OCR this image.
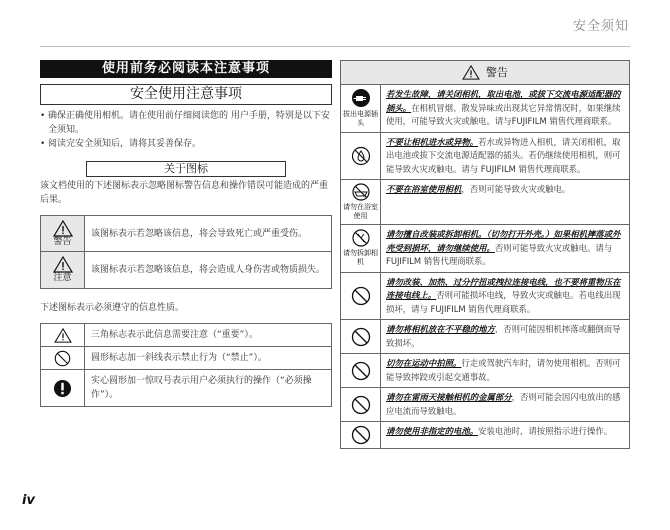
安全须知
使用前务必阅读本注意事项
安全使用注意事项
• 确保正确使用相机。请在使用前仔细阅读您的 用户手册，特别是以下安全须知。
• 阅读完安全须知后，请将其妥善保存。
关于图标
该文档使用的下述图标表示忽略图标警告信息和操作错误可能造成的严重后果。
警告
该图标表示若忽略该信息，将会导致死亡或严重受伤。
注意
该图标表示若忽略该信息，将会造成人身伤害或物质损失。
下述图标表示必须遵守的信息性质。
三角标志表示此信息需要注意（“重要”）。
圆形标志加一斜线表示禁止行为（“禁止”）。
实心圆形加一惊叹号表示用户必须执行的操作（“必须操作”）。
警告
拔出电源插头
若发生故障，请关闭相机，取出电池，或拔下交流电源适配器的插头。在相机冒烟、散发异味或出现其它异常情况时，如果继续使用，可能导致火灾或触电。请与FUJIFILM 销售代理商联系。
不要让相机进水或异物。若水或异物进入相机，请关闭相机，取出电池或拔下交流电源适配器的插头。若仍继续使用相机，则可能导致火灾或触电。请与 FUJIFILM 销售代理商联系。
请勿在浴室使用
不要在浴室使用相机，否则可能导致火灾或触电。
请勿拆卸相机
请勿擅自改装或拆卸相机。（切勿打开外壳。）如果相机摔落或外壳受到损坏，请勿继续使用。否则可能导致火灾或触电。请与 FUJIFILM 销售代理商联系。
请勿改装、加热、过分拧扭或拽拉连接电线，也不要将重物压在连接电线上。否则可能损坏电线，导致火灾或触电。若电线出现损坏，请与 FUJIFILM 销售代理商联系。
请勿将相机放在不平稳的地方，否则可能因相机摔落或翻倒而导致损坏。
切勿在运动中拍照。行走或驾驶汽车时，请勿使用相机。否则可能导致摔跤或引起交通事故。
请勿在雷雨天接触相机的金属部分，否则可能会因闪电放出的感应电流而导致触电。
请勿使用非指定的电池。安装电池时，请按照指示进行操作。
iv
